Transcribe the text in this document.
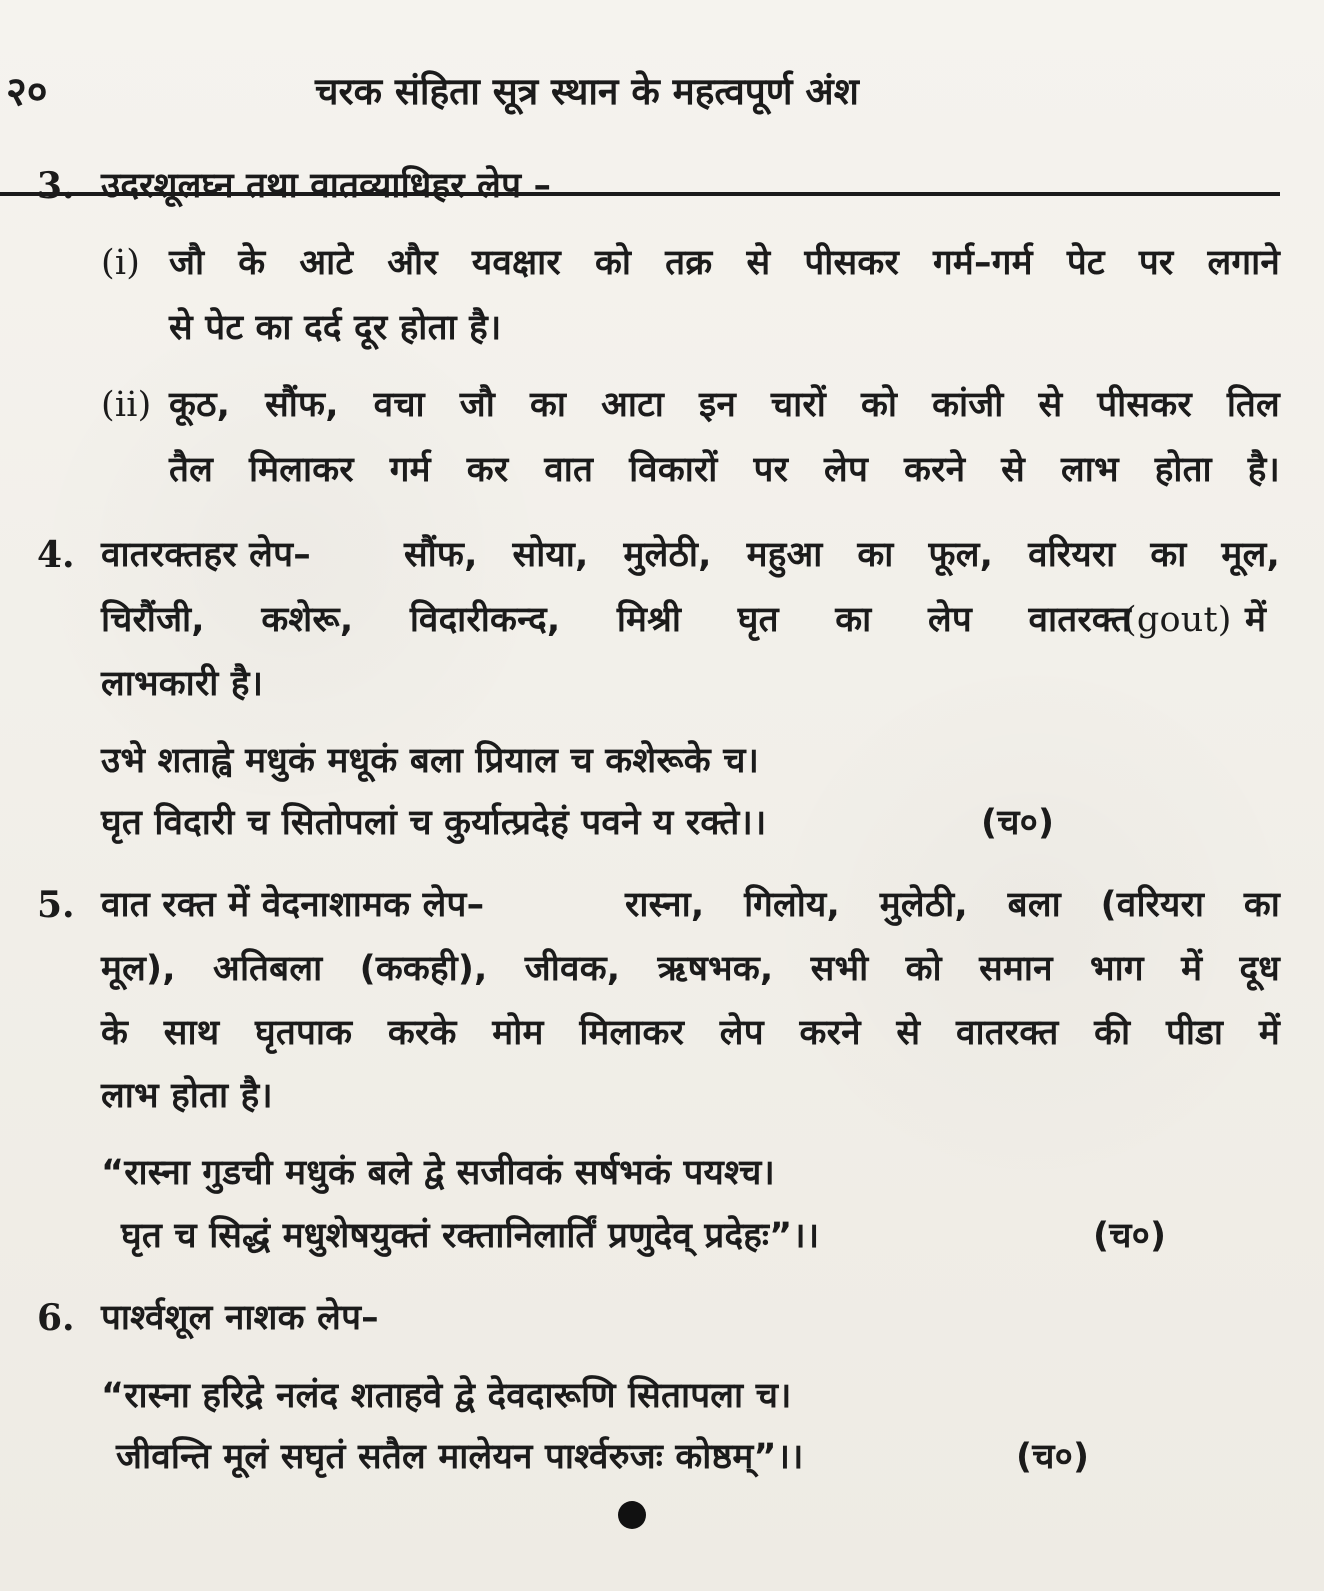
२०	चरक संहिता सूत्र स्थान के महत्वपूर्ण अंश
3. उदरशूलघ्न तथा वातव्याधिहर लेप –
(i) जौ के आटे और यवक्षार को तक्र से पीसकर गर्म–गर्म पेट पर लगाने
से पेट का दर्द दूर होता है।
(ii) कूठ, सौंफ, वचा जौ का आटा इन चारों को कांजी से पीसकर तिल
तैल मिलाकर गर्म कर वात विकारों पर लेप करने से लाभ होता है।
4. वातरक्तहर लेप–	सौंफ, सोया, मुलेठी, महुआ का फूल, वरियरा का मूल,
चिरौंजी, कशेरू, विदारीकन्द, मिश्री घृत का लेप वातरक्त
(gout) में
लाभकारी है।
उभे शताह्वे मधुकं मधूकं बला प्रियाल च कशेरूके च।
घृत विदारी च सितोपलां च कुर्यात्प्रदेहं पवने य रक्ते।।	(च०)
5. वात रक्त में वेदनाशामक लेप–	रास्ना, गिलोय, मुलेठी, बला (वरियरा का
मूल), अतिबला (ककही), जीवक, ऋषभक, सभी को समान भाग में दूध
के साथ घृतपाक करके मोम मिलाकर लेप करने से वातरक्त की पीडा में
लाभ होता है।
“रास्ना गुडची मधुकं बले द्वे सजीवकं सर्षभकं पयश्च।
घृत च सिद्धं मधुशेषयुक्तं रक्तानिलार्तिं प्रणुदेव् प्रदेहः”।।	(च०)
6. पार्श्वशूल नाशक लेप–
“रास्ना हरिद्रे नलंद शताहवे द्वे देवदारूणि सितापला च।
जीवन्ति मूलं सघृतं सतैल मालेयन पार्श्वरुजः कोष्ठम्”।।	(च०)
